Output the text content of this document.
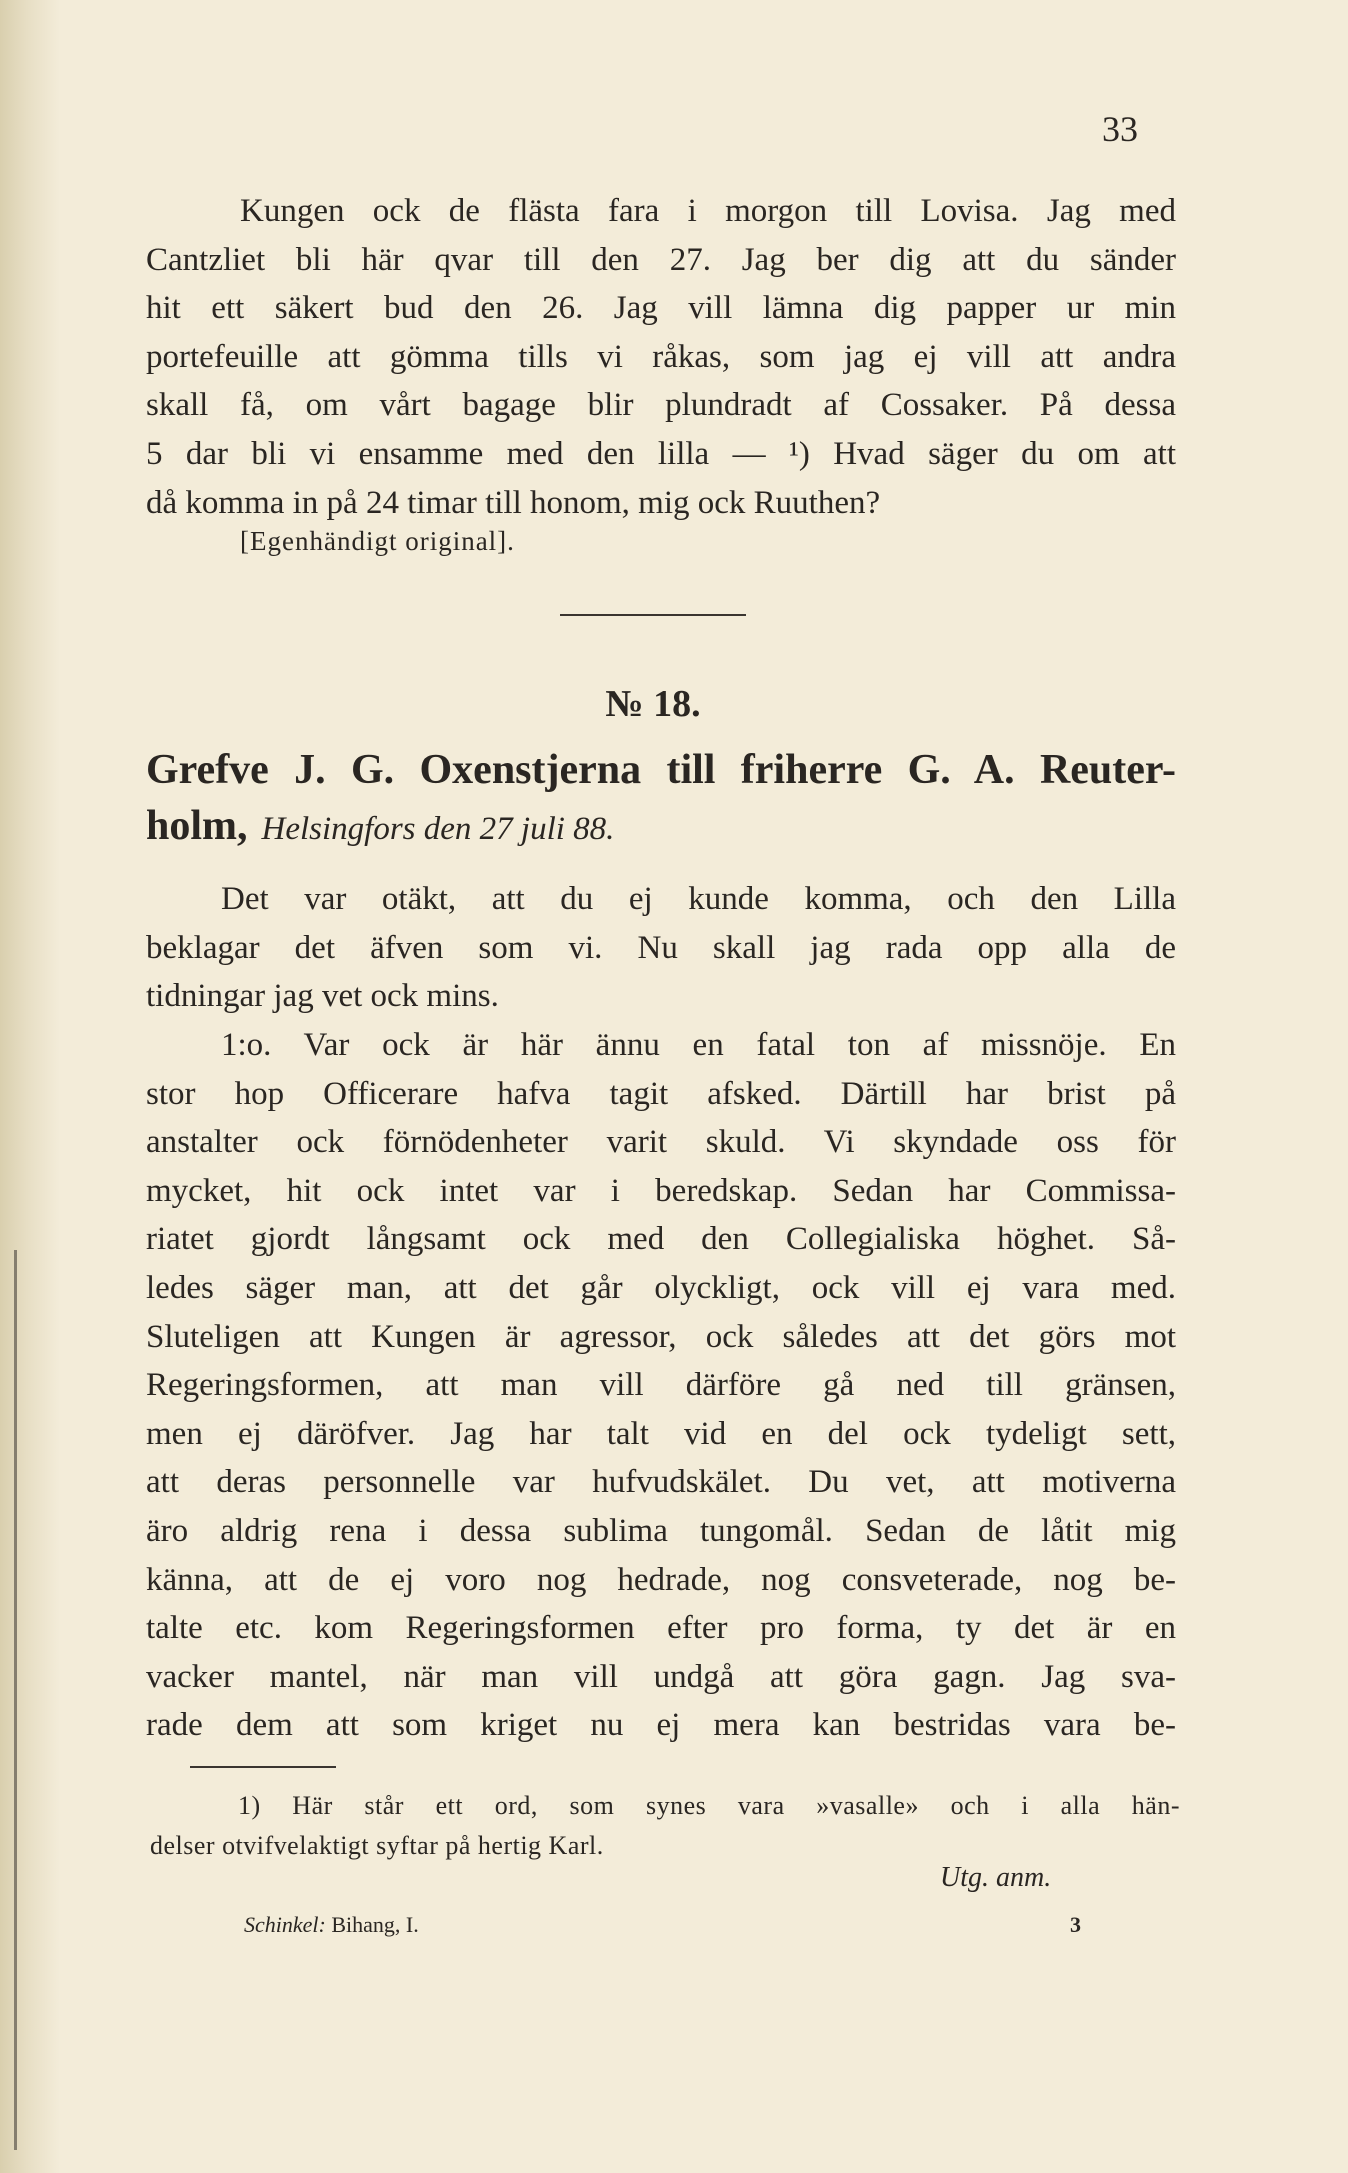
33
Kungen ock de flästa fara i morgon till Lovisa. Jag med
Cantzliet bli här qvar till den 27. Jag ber dig att du sänder
hit ett säkert bud den 26. Jag vill lämna dig papper ur min
portefeuille att gömma tills vi råkas, som jag ej vill att andra
skall få, om vårt bagage blir plundradt af Cossaker. På dessa
5 dar bli vi ensamme med den lilla — ¹) Hvad säger du om att
då komma in på 24 timar till honom, mig ock Ruuthen?
[Egenhändigt original].
№ 18.
Grefve J. G. Oxenstjerna till friherre G. A. Reuter-
holm, Helsingfors den 27 juli 88.
Det var otäkt, att du ej kunde komma, och den Lilla
beklagar det äfven som vi. Nu skall jag rada opp alla de
tidningar jag vet ock mins.
1:o. Var ock är här ännu en fatal ton af missnöje. En
stor hop Officerare hafva tagit afsked. Därtill har brist på
anstalter ock förnödenheter varit skuld. Vi skyndade oss för
mycket, hit ock intet var i beredskap. Sedan har Commissa-
riatet gjordt långsamt ock med den Collegialiska höghet. Så-
ledes säger man, att det går olyckligt, ock vill ej vara med.
Sluteligen att Kungen är agressor, ock således att det görs mot
Regeringsformen, att man vill därföre gå ned till gränsen,
men ej däröfver. Jag har talt vid en del ock tydeligt sett,
att deras personnelle var hufvudskälet. Du vet, att motiverna
äro aldrig rena i dessa sublima tungomål. Sedan de låtit mig
känna, att de ej voro nog hedrade, nog consveterade, nog be-
talte etc. kom Regeringsformen efter pro forma, ty det är en
vacker mantel, när man vill undgå att göra gagn. Jag sva-
rade dem att som kriget nu ej mera kan bestridas vara be-
1) Här står ett ord, som synes vara »vasalle» och i alla hän-
delser otvifvelaktigt syftar på hertig Karl.
Utg. anm.
Schinkel: Bihang, I.	3
